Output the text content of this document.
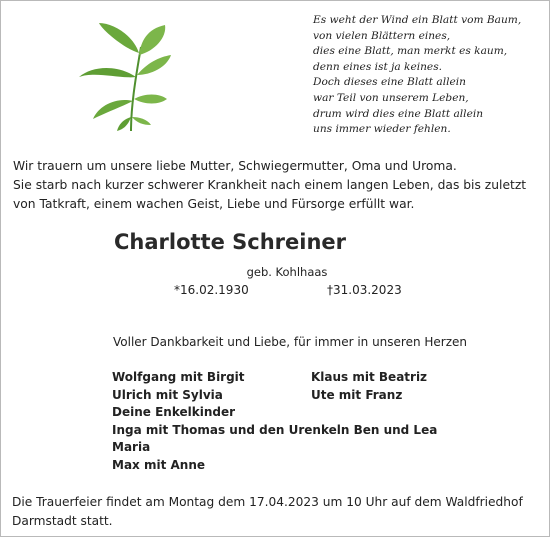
Es weht der Wind ein Blatt vom Baum,
von vielen Blättern eines,
dies eine Blatt, man merkt es kaum,
denn eines ist ja keines.
Doch dieses eine Blatt allein
war Teil von unserem Leben,
drum wird dies eine Blatt allein
uns immer wieder fehlen.
Wir trauern um unsere liebe Mutter, Schwiegermutter, Oma und Uroma.
Sie starb nach kurzer schwerer Krankheit nach einem langen Leben, das bis zuletzt
von Tatkraft, einem wachen Geist, Liebe und Fürsorge erfüllt war.
Charlotte Schreiner
geb. Kohlhaas
*16.02.1930	†31.03.2023
Voller Dankbarkeit und Liebe, für immer in unseren Herzen
Wolfgang mit Birgit	Klaus mit Beatriz
Ulrich mit Sylvia	Ute mit Franz
Deine Enkelkinder
Inga mit Thomas und den Urenkeln Ben und Lea
Maria
Max mit Anne
Die Trauerfeier findet am Montag dem 17.04.2023 um 10 Uhr auf dem Waldfriedhof
Darmstadt statt.
